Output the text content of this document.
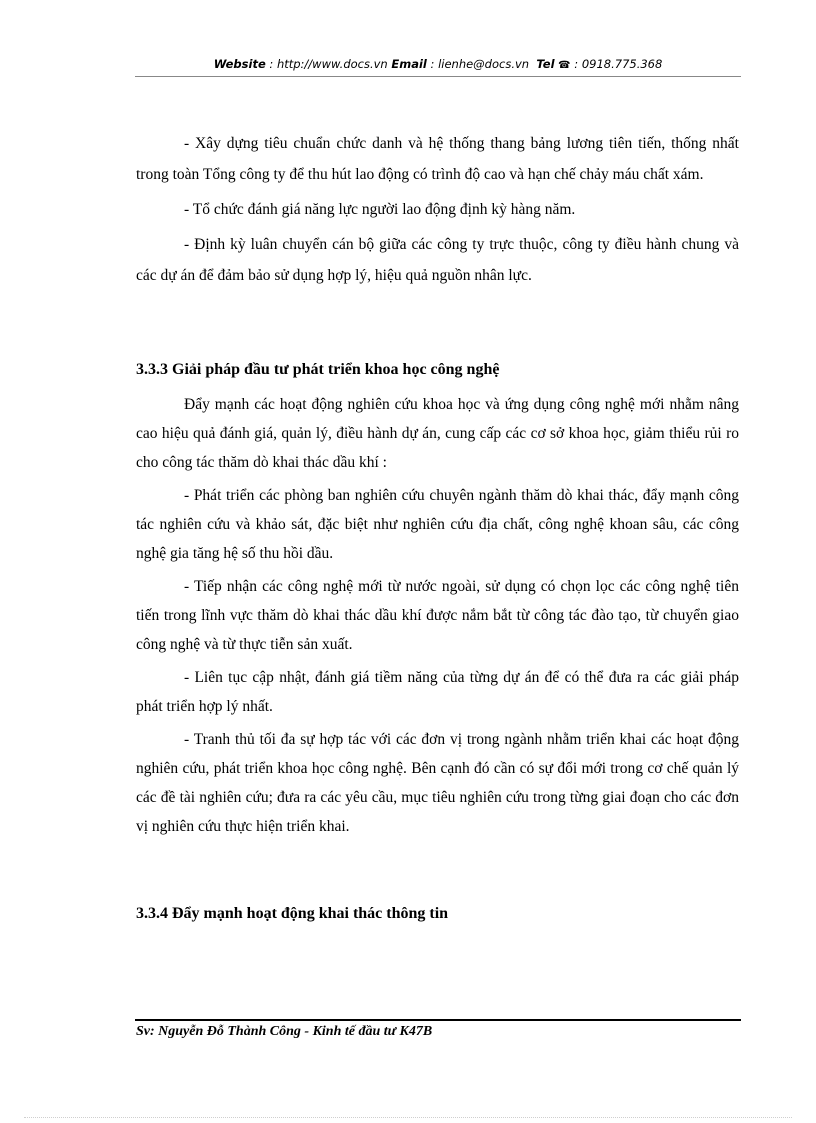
Website : http://www.docs.vn Email : lienhe@docs.vn Tel ☎ : 0918.775.368

- Xây dựng tiêu chuẩn chức danh và hệ thống thang bảng lương tiên tiến, thống nhất trong toàn Tổng công ty để thu hút lao động có trình độ cao và hạn chế chảy máu chất xám.

- Tổ chức đánh giá năng lực người lao động định kỳ hàng năm.

- Định kỳ luân chuyển cán bộ giữa các công ty trực thuộc, công ty điều hành chung và các dự án để đảm bảo sử dụng hợp lý, hiệu quả nguồn nhân lực.

3.3.3 Giải pháp đầu tư phát triển khoa học công nghệ

Đẩy mạnh các hoạt động nghiên cứu khoa học và ứng dụng công nghệ mới nhằm nâng cao hiệu quả đánh giá, quản lý, điều hành dự án, cung cấp các cơ sở khoa học, giảm thiểu rủi ro cho công tác thăm dò khai thác dầu khí :

- Phát triển các phòng ban nghiên cứu chuyên ngành thăm dò khai thác, đẩy mạnh công tác nghiên cứu và khảo sát, đặc biệt như nghiên cứu địa chất, công nghệ khoan sâu, các công nghệ gia tăng hệ số thu hồi dầu.

- Tiếp nhận các công nghệ mới từ nước ngoài, sử dụng có chọn lọc các công nghệ tiên tiến trong lĩnh vực thăm dò khai thác dầu khí được nắm bắt từ công tác đào tạo, từ chuyển giao công nghệ và từ thực tiễn sản xuất.

- Liên tục cập nhật, đánh giá tiềm năng của từng dự án để có thể đưa ra các giải pháp phát triển hợp lý nhất.

- Tranh thủ tối đa sự hợp tác với các đơn vị trong ngành nhằm triển khai các hoạt động nghiên cứu, phát triển khoa học công nghệ. Bên cạnh đó cần có sự đổi mới trong cơ chế quản lý các đề tài nghiên cứu; đưa ra các yêu cầu, mục tiêu nghiên cứu trong từng giai đoạn cho các đơn vị nghiên cứu thực hiện triển khai.

3.3.4 Đẩy mạnh hoạt động khai thác thông tin
Sv: Nguyễn Đỗ Thành Công - Kinh tế đầu tư K47B
